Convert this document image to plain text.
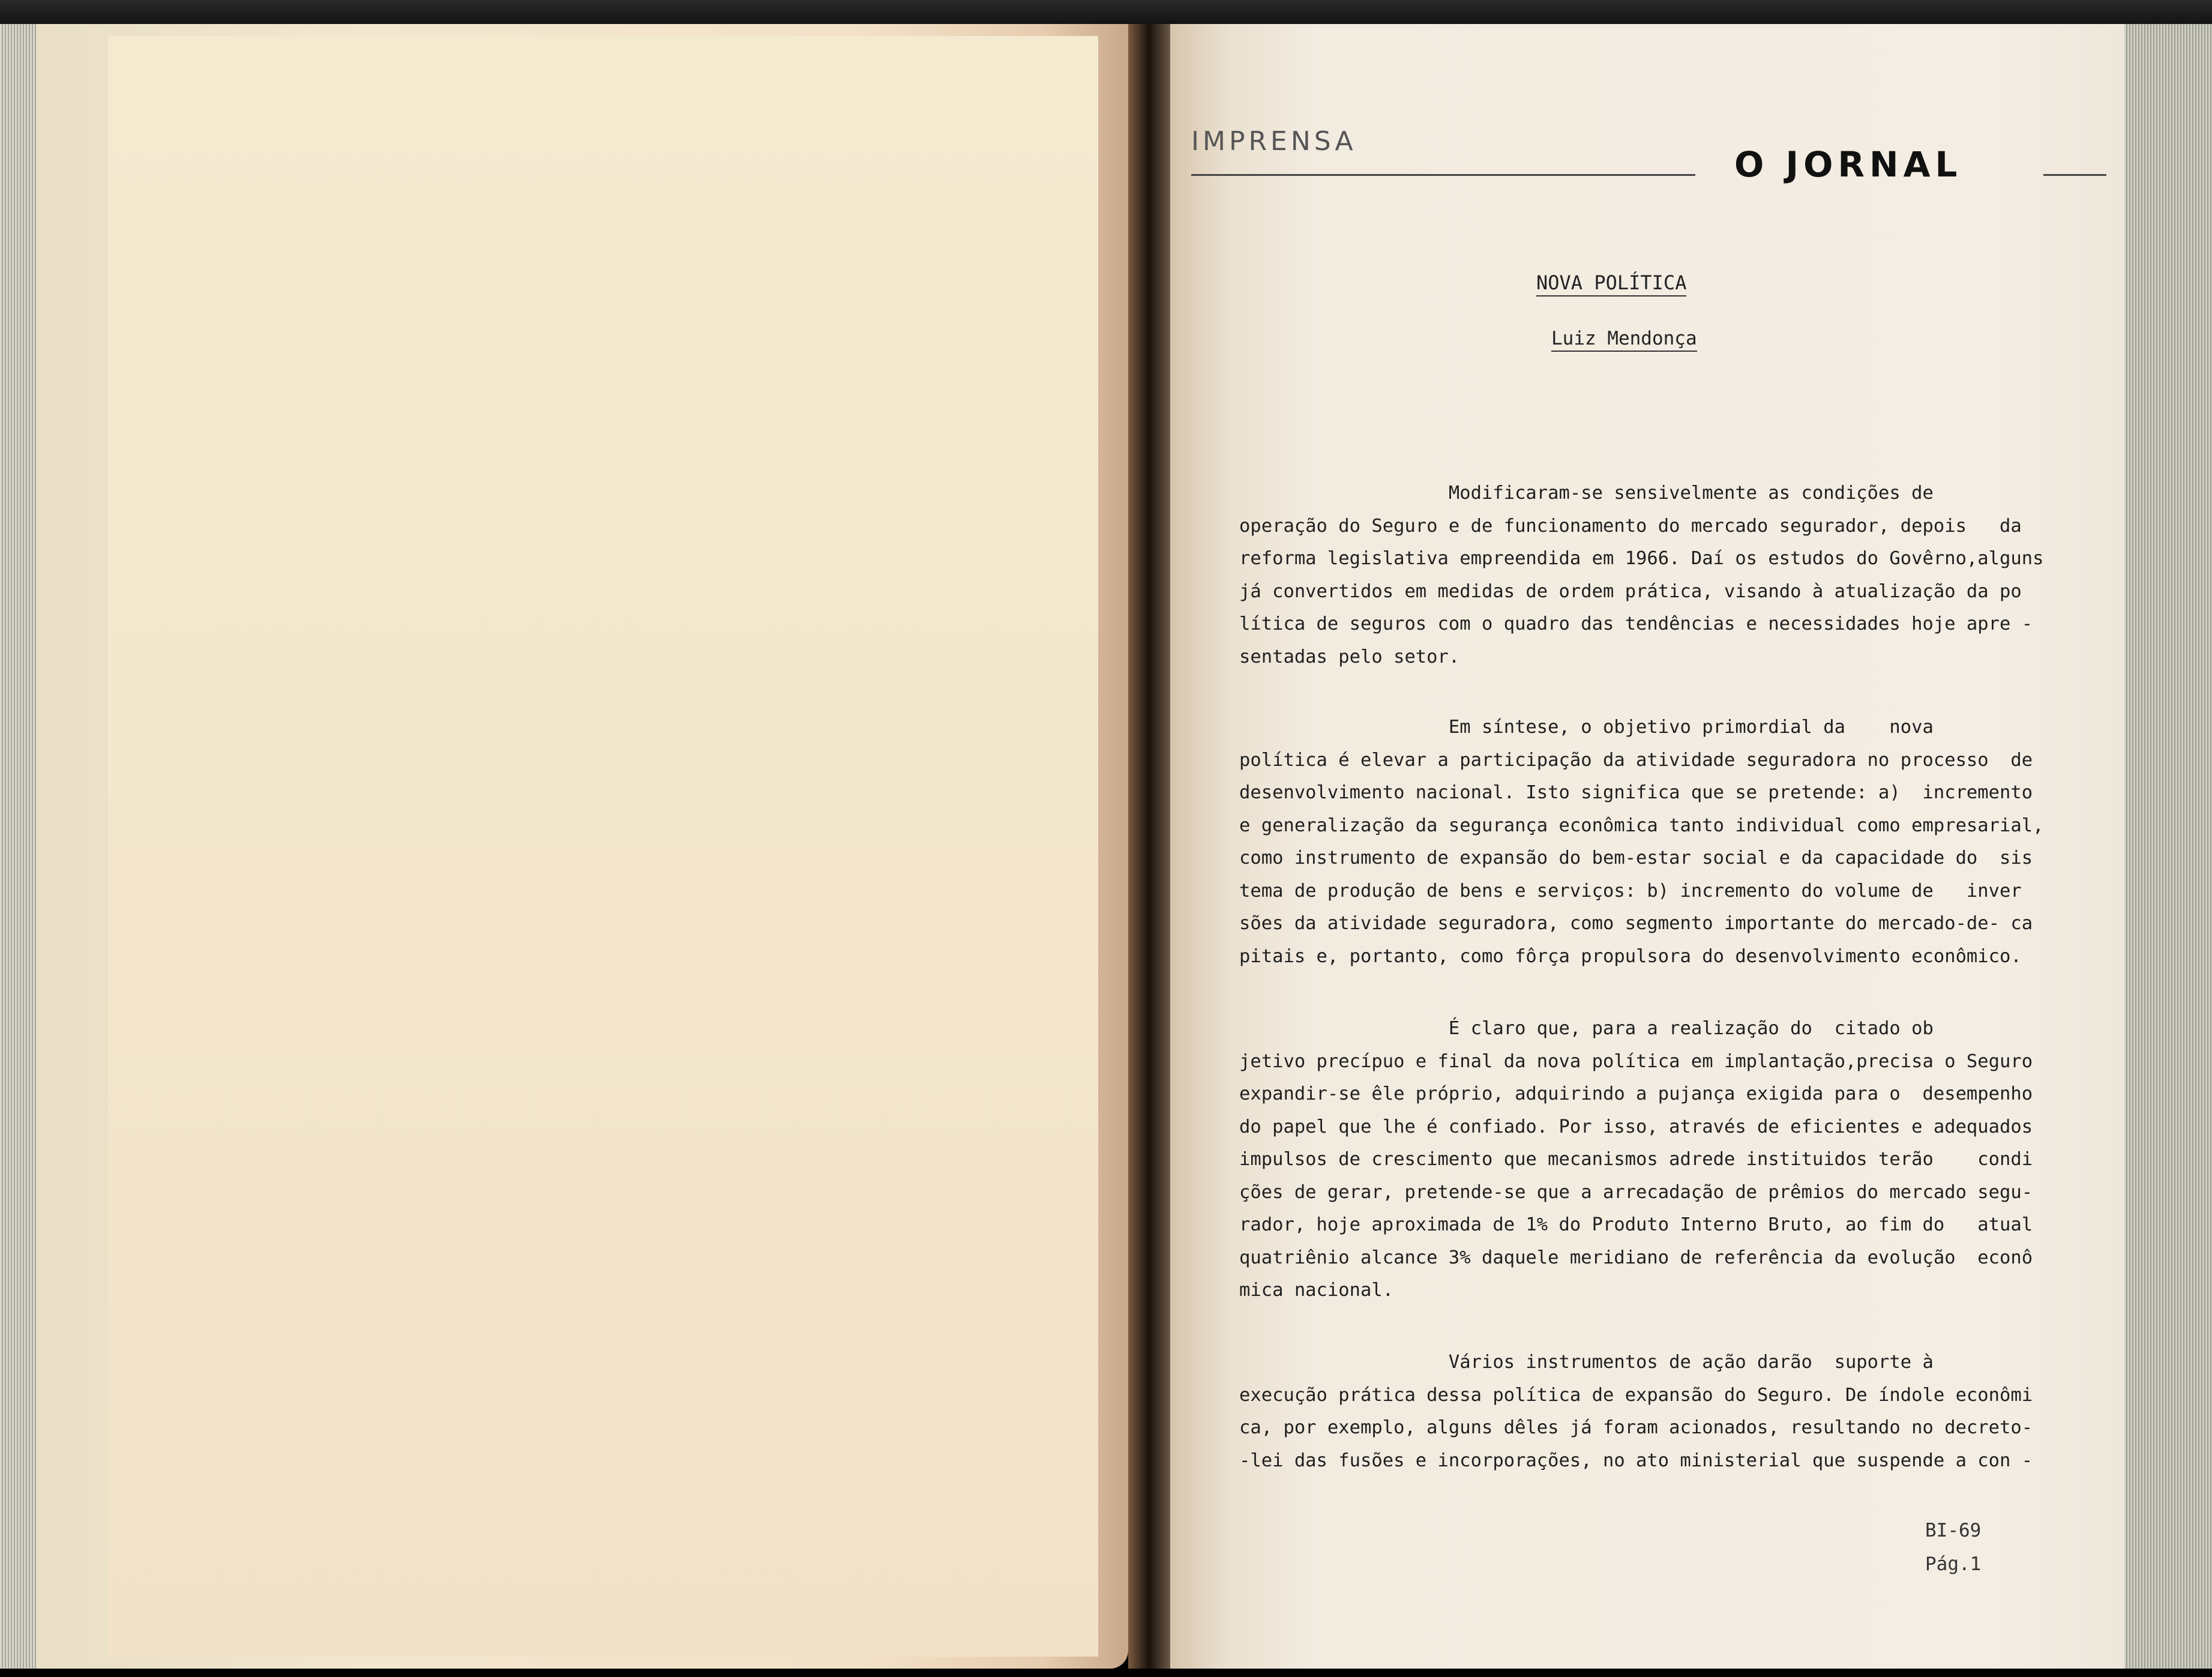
IMPRENSA
O JORNAL
NOVA POLÍTICA
Luiz Mendonça
Modificaram-se sensivelmente as condições de
operação do Seguro e de funcionamento do mercado segurador, depois
reforma legislativa empreendida em 1966. Daí os estudos do Govêrno,alguns
já convertidos em medidas de ordem prática, visando à atualização da
lítica de seguros com o quadro das tendências e necessidades hoje apre
sentadas pelo setor.
Em síntese, o objetivo primordial da    nova
política é elevar a participação da atividade seguradora no processo
desenvolvimento nacional. Isto significa que se pretende: a)  incremento
e generalização da segurança econômica tanto individual como empresarial,
como instrumento de expansão do bem-estar social e da capacidade do
tema de produção de bens e serviços: b) incremento do volume de   inver
sões da atividade seguradora, como segmento importante do mercado-de-
pitais e, portanto, como fôrça propulsora do desenvolvimento econômico.
É claro que, para a realização do  citado ob
jetivo precípuo e final da nova política em implantação,precisa o Seguro
expandir-se êle próprio, adquirindo a pujança exigida para o  desempenho
do papel que lhe é confiado. Por isso, através de eficientes e adequados
impulsos de crescimento que mecanismos adrede instituidos terão
ções de gerar, pretende-se que a arrecadação de prêmios do mercado
rador, hoje aproximada de 1% do Produto Interno Bruto, ao fim do
quatriênio alcance 3% daquele meridiano de referência da evolução
mica nacional.
Vários instrumentos de ação darão  suporte à
execução prática dessa política de expansão do Seguro. De índole econômi
ca, por exemplo, alguns dêles já foram acionados, resultando no decreto-
-lei das fusões e incorporações, no ato ministerial que suspende a con
BI-69
Pág.1
